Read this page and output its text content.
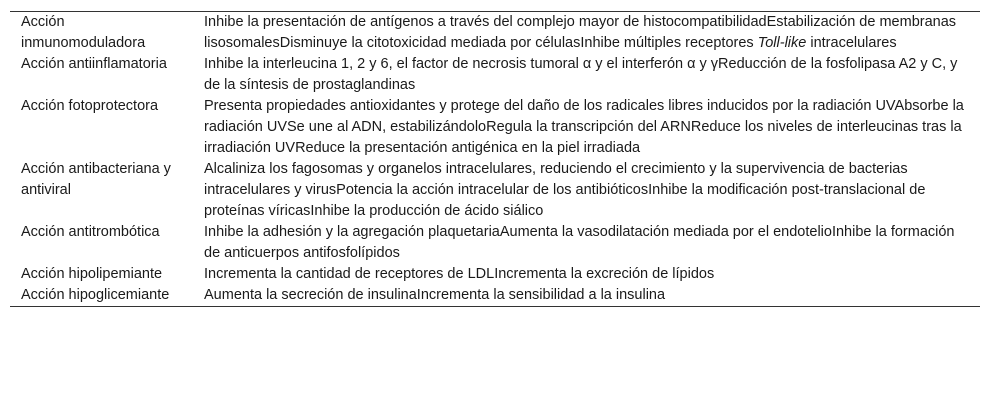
Acción inmunomoduladora	Inhibe la presentación de antígenos a través del complejo mayor de histocompatibilidadEstabilización de membranas lisosomalesDisminuye la citotoxicidad mediada por célulasInhibe múltiples receptores Toll-like intracelulares
Acción antiinflamatoria	Inhibe la interleucina 1, 2 y 6, el factor de necrosis tumoral α y el interferón α y γReducción de la fosfolipasa A2 y C, y de la síntesis de prostaglandinas
Acción fotoprotectora	Presenta propiedades antioxidantes y protege del daño de los radicales libres inducidos por la radiación UVAbsorbe la radiación UVSe une al ADN, estabilizándoloRegula la transcripción del ARNReduce los niveles de interleucinas tras la irradiación UVReduce la presentación antigénica en la piel irradiada
Acción antibacteriana y antiviral	Alcaliniza los fagosomas y organelos intracelulares, reduciendo el crecimiento y la supervivencia de bacterias intracelulares y virusPotencia la acción intracelular de los antibióticosInhibe la modificación post-translacional de proteínas víricasInhibe la producción de ácido siálico
Acción antitrombótica	Inhibe la adhesión y la agregación plaquetariaAumenta la vasodilatación mediada por el endotelioInhibe la formación de anticuerpos antifosfolípidos
Acción hipolipemiante	Incrementa la cantidad de receptores de LDLIncrementa la excreción de lípidos
Acción hipoglicemiante	Aumenta la secreción de insulinaIncrementa la sensibilidad a la insulina
